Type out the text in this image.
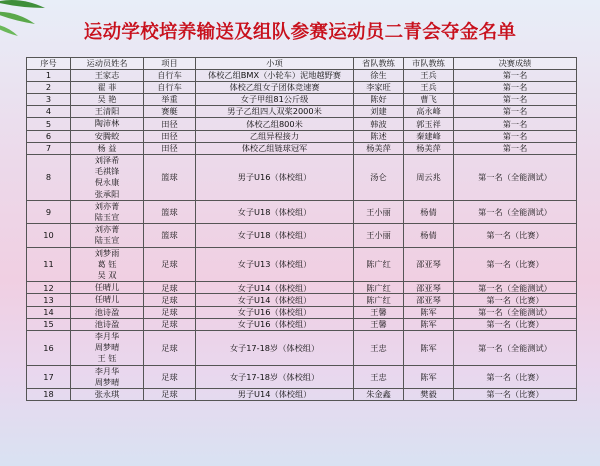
运动学校培养输送及组队参赛运动员二青会夺金名单
序号	运动员姓名	项目	小项	省队教练	市队教练	决赛成绩
1	王家志	自行车	体校乙组BMX（小轮车）泥地越野赛	徐生	王兵	第一名
2	翟 菲	自行车	体校乙组女子团体竞速赛	李家旺	王兵	第一名
3	吴 艳	举重	女子甲组81公斤级	陈好	曹飞	第一名
4	王清阳	赛艇	男子乙组四人双桨2000米	刘建	高永峰	第一名
5	陶沛林	田径	体校乙组800米	韩波	郭玉祥	第一名
6	安腾蛟	田径	乙组异程接力	陈述	秦建峰	第一名
7	杨 益	田径	体校乙组链球冠军	杨美萍	杨美萍	第一名
8	刘泽希
毛祺锋
倪永康
张承阳	篮球	男子U16（体校组）	汤仑	周云兆	第一名（全能测试）
9	刘亦菁
陆玉宣	篮球	女子U18（体校组）	王小丽	杨倩	第一名（全能测试）
10	刘亦菁
陆玉宣	篮球	女子U18（体校组）	王小丽	杨倩	第一名（比赛）
11	刘梦雨
葛 钰
吴 双	足球	女子U13（体校组）	陈广红	邵亚琴	第一名（比赛）
12	任晴儿	足球	女子U14（体校组）	陈广红	邵亚琴	第一名（全能测试）
13	任晴儿	足球	女子U14（体校组）	陈广红	邵亚琴	第一名（比赛）
14	池诗盈	足球	女子U16（体校组）	王馨	陈军	第一名（全能测试）
15	池诗盈	足球	女子U16（体校组）	王馨	陈军	第一名（比赛）
16	李月华
周梦晴
王 钰	足球	女子17-18岁（体校组）	王忠	陈军	第一名（全能测试）
17	李月华
周梦晴	足球	女子17-18岁（体校组）	王忠	陈军	第一名（比赛）
18	张永琪	足球	男子U14（体校组）	朱金鑫	樊毅	第一名（比赛）
